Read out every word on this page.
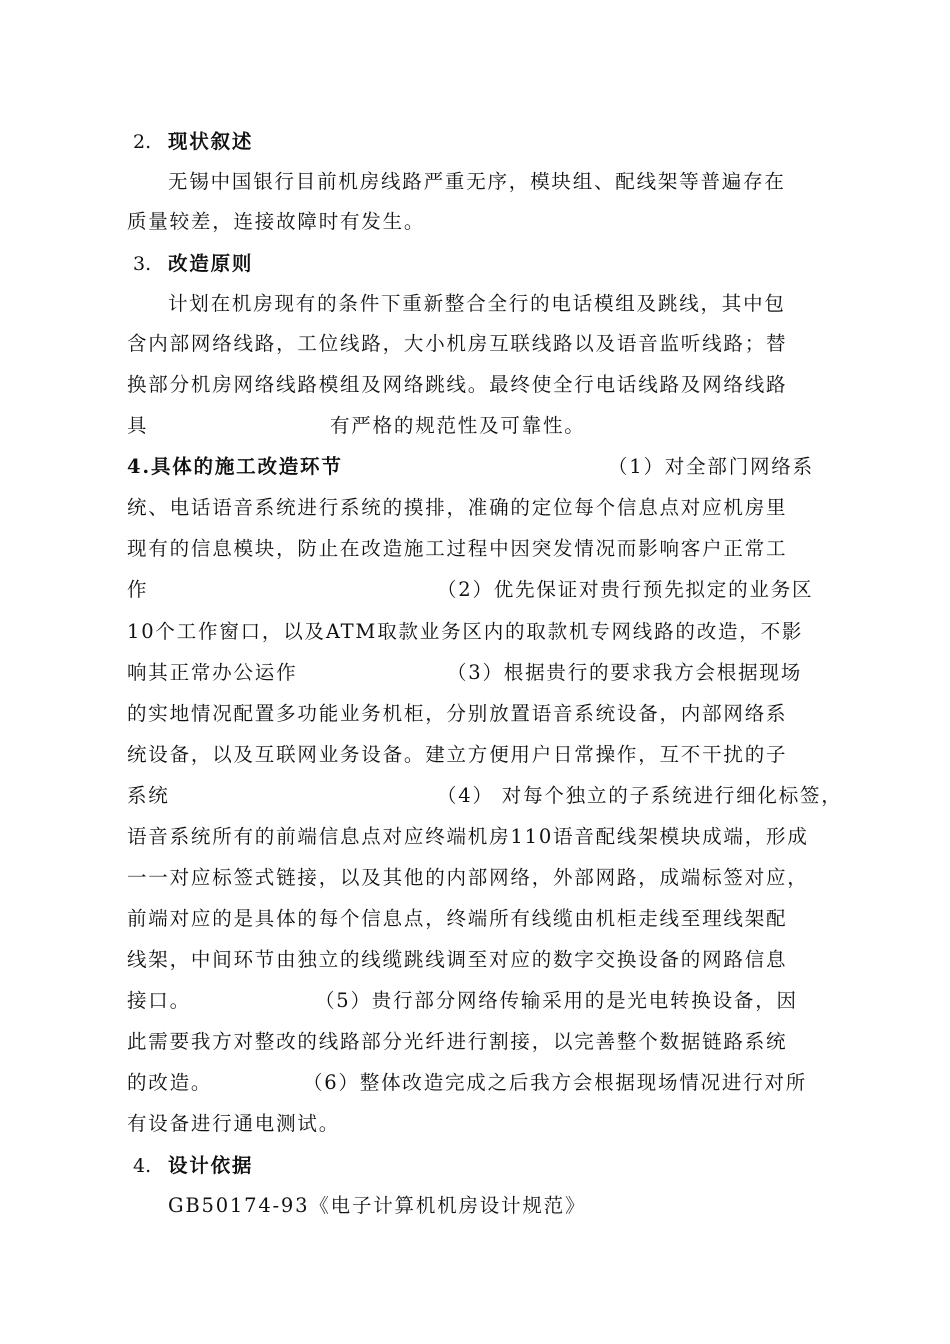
2. 现状叙述
无锡中国银行目前机房线路严重无序，模块组、配线架等普遍存在
质量较差，连接故障时有发生。
3. 改造原则
计划在机房现有的条件下重新整合全行的电话模组及跳线，其中包
含内部网络线路，工位线路，大小机房互联线路以及语音监听线路；替
换部分机房网络线路模组及网络跳线。最终使全行电话线路及网络线路
具	有严格的规范性及可靠性。
4.具体的施工改造环节	（1）对全部门网络系
统、电话语音系统进行系统的摸排，准确的定位每个信息点对应机房里
现有的信息模块，防止在改造施工过程中因突发情况而影响客户正常工
作	（2）优先保证对贵行预先拟定的业务区
10个工作窗口，以及ATM取款业务区内的取款机专网线路的改造，不影
响其正常办公运作	（3）根据贵行的要求我方会根据现场
的实地情况配置多功能业务机柜，分别放置语音系统设备，内部网络系
统设备，以及互联网业务设备。建立方便用户日常操作，互不干扰的子
系统	（4） 对每个独立的子系统进行细化标签，
语音系统所有的前端信息点对应终端机房110语音配线架模块成端，形成
一一对应标签式链接，以及其他的内部网络，外部网路，成端标签对应，
前端对应的是具体的每个信息点，终端所有线缆由机柜走线至理线架配
线架，中间环节由独立的线缆跳线调至对应的数字交换设备的网路信息
接口。	（5）贵行部分网络传输采用的是光电转换设备，因
此需要我方对整改的线路部分光纤进行割接，以完善整个数据链路系统
的改造。	（6）整体改造完成之后我方会根据现场情况进行对所
有设备进行通电测试。
4. 设计依据
GB50174-93《电子计算机机房设计规范》
